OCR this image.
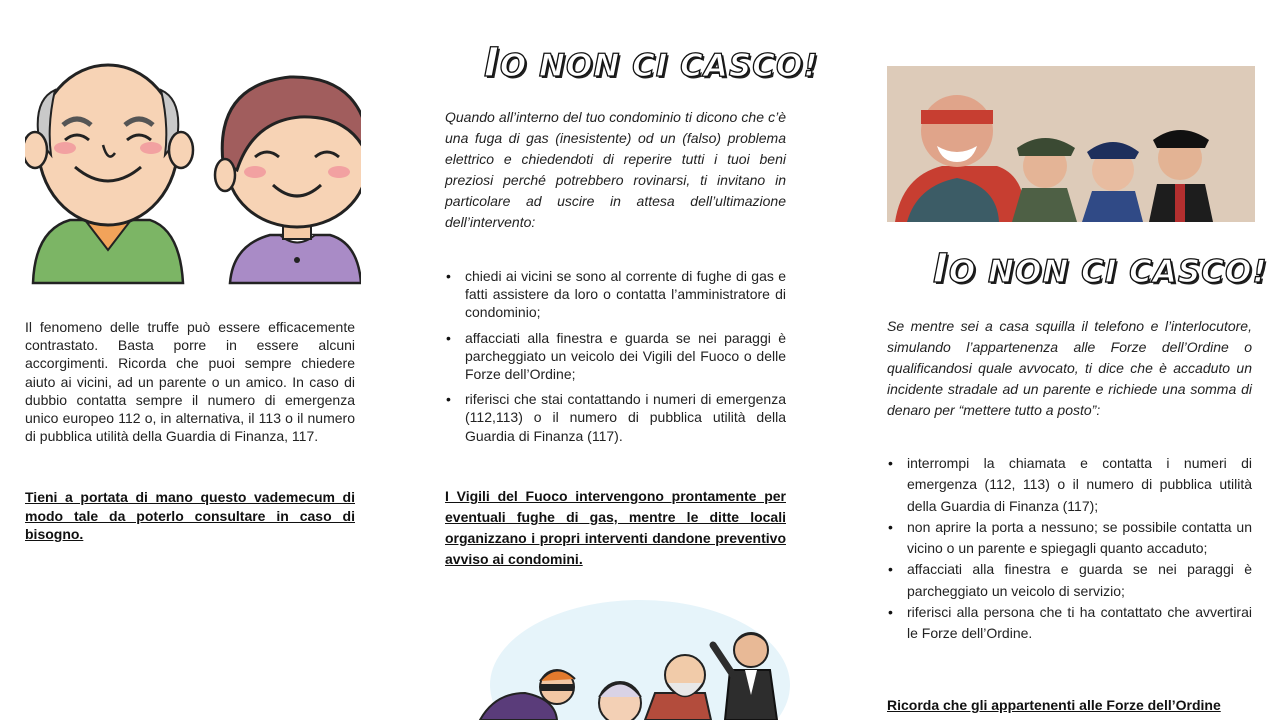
Il fenomeno delle truffe può essere efficacemente contrastato. Basta porre in essere alcuni accorgimenti. Ricorda che puoi sempre chiedere aiuto ai vicini, ad un parente o un amico. In caso di dubbio contatta sempre il numero di emergenza unico europeo 112 o, in alternativa, il 113 o il numero di pubblica utilità della Guardia di Finanza, 117.
Tieni a portata di mano questo vademecum di modo tale da poterlo consultare in caso di bisogno.
IO NON CI CASCO!
Quando all’interno del tuo condominio ti dicono che c’è una fuga di gas (inesistente) od un (falso) problema elettrico e chiedendoti di reperire tutti i tuoi beni preziosi perché potrebbero rovinarsi, ti invitano in particolare ad uscire in attesa dell’ultimazione dell’intervento:
• chiedi ai vicini se sono al corrente di fughe di gas e fatti assistere da loro o contatta l’amministratore di condominio;
• affacciati alla finestra e guarda se nei paraggi è parcheggiato un veicolo dei Vigili del Fuoco o delle Forze dell’Ordine;
• riferisci che stai contattando i numeri di emergenza (112,113) o il numero di pubblica utilità della Guardia di Finanza (117).
I Vigili del Fuoco intervengono prontamente per eventuali fughe di gas, mentre le ditte locali organizzano i propri interventi dandone preventivo avviso ai condomini.
IO NON CI CASCO!
Se mentre sei a casa squilla il telefono e l’interlocutore, simulando l’appartenenza alle Forze dell’Ordine o qualificandosi quale avvocato, ti dice che è accaduto un incidente stradale ad un parente e richiede una somma di denaro per “mettere tutto a posto”:
• interrompi la chiamata e contatta i numeri di emergenza (112, 113) o il numero di pubblica utilità della Guardia di Finanza (117);
• non aprire la porta a nessuno; se possibile contatta un vicino o un parente e spiegagli quanto accaduto;
• affacciati alla finestra e guarda se nei paraggi è parcheggiato un veicolo di servizio;
• riferisci alla persona che ti ha contattato che avvertirai le Forze dell’Ordine.
Ricorda che gli appartenenti alle Forze dell’Ordine
